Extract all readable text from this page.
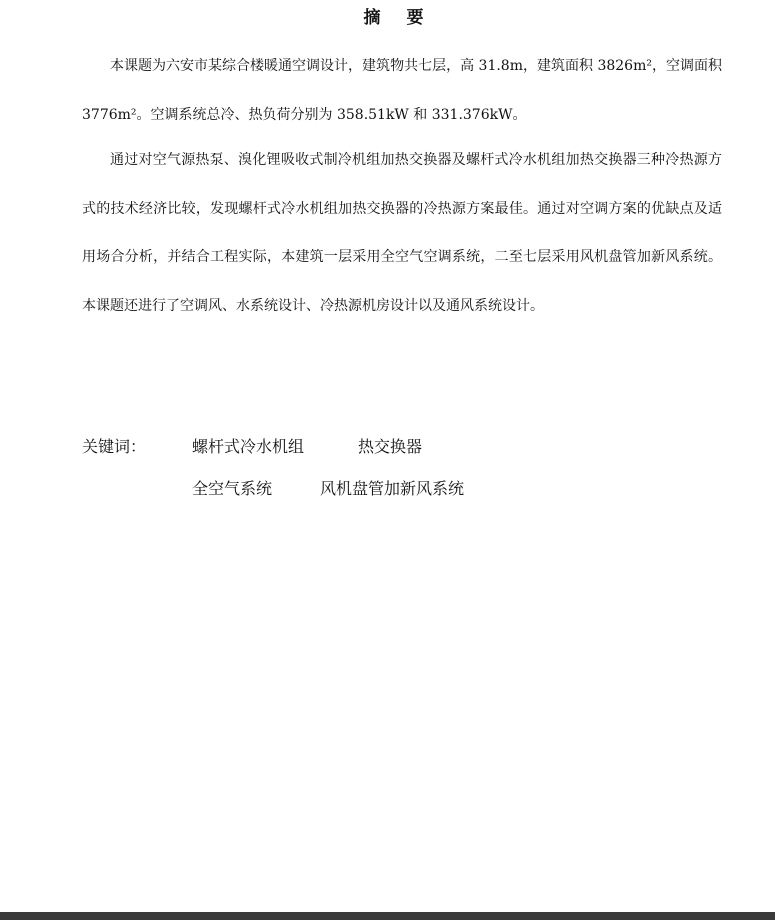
摘 要

本课题为六安市某综合楼暖通空调设计，建筑物共七层，高 31.8m，建筑面积 3826m²，空调面积 3776m²。空调系统总冷、热负荷分别为 358.51kW 和 331.376kW。

通过对空气源热泵、溴化锂吸收式制冷机组加热交换器及螺杆式冷水机组加热交换器三种冷热源方式的技术经济比较，发现螺杆式冷水机组加热交换器的冷热源方案最佳。通过对空调方案的优缺点及适用场合分析，并结合工程实际，本建筑一层采用全空气空调系统，二至七层采用风机盘管加新风系统。本课题还进行了空调风、水系统设计、冷热源机房设计以及通风系统设计。

关键词：	螺杆式冷水机组	热交换器
全空气系统	风机盘管加新风系统
